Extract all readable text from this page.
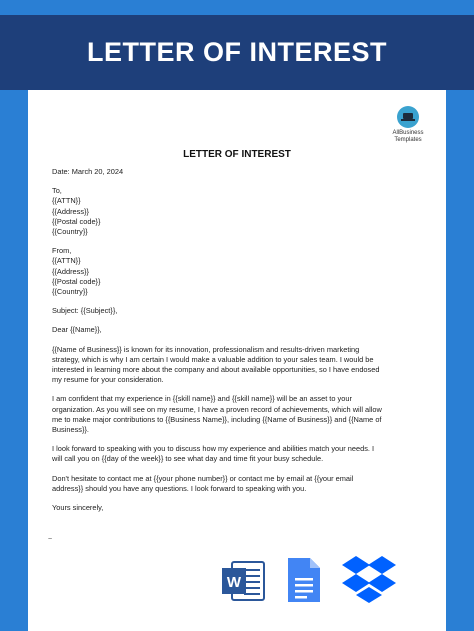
LETTER OF INTEREST
AllBusiness
Templates
LETTER OF INTEREST

Date: March 20, 2024

To,
{{ATTN}}
{{Address}}
{{Postal code}}
{{Country}}

From,
{{ATTN}}
{{Address}}
{{Postal code}}
{{Country}}

Subject: {{Subject}},

Dear {{Name}},

{{Name of Business}} is known for its innovation, professionalism and results-driven marketing
strategy, which is why I am certain I would make a valuable addition to your sales team. I would be
interested in learning more about the company and about available opportunities, so I have endosed
my resume for your consideration.

I am confident that my experience in {{skill name}} and {{skill name}} will be an asset to your
organization. As you will see on my resume, I have a proven record of achievements, which will allow
me to make major contributions to {{Business Name}}, including {{Name of Business}} and {{Name of
Business}}.

I look forward to speaking with you to discuss how my experience and abilities match your needs. I
will call you on {{day of the week}} to see what day and time fit your busy schedule.

Don't hesitate to contact me at {{your phone number}} or contact me by email at {{your email
address}} should you have any questions. I look forward to speaking with you.

Yours sincerely,

~
W
